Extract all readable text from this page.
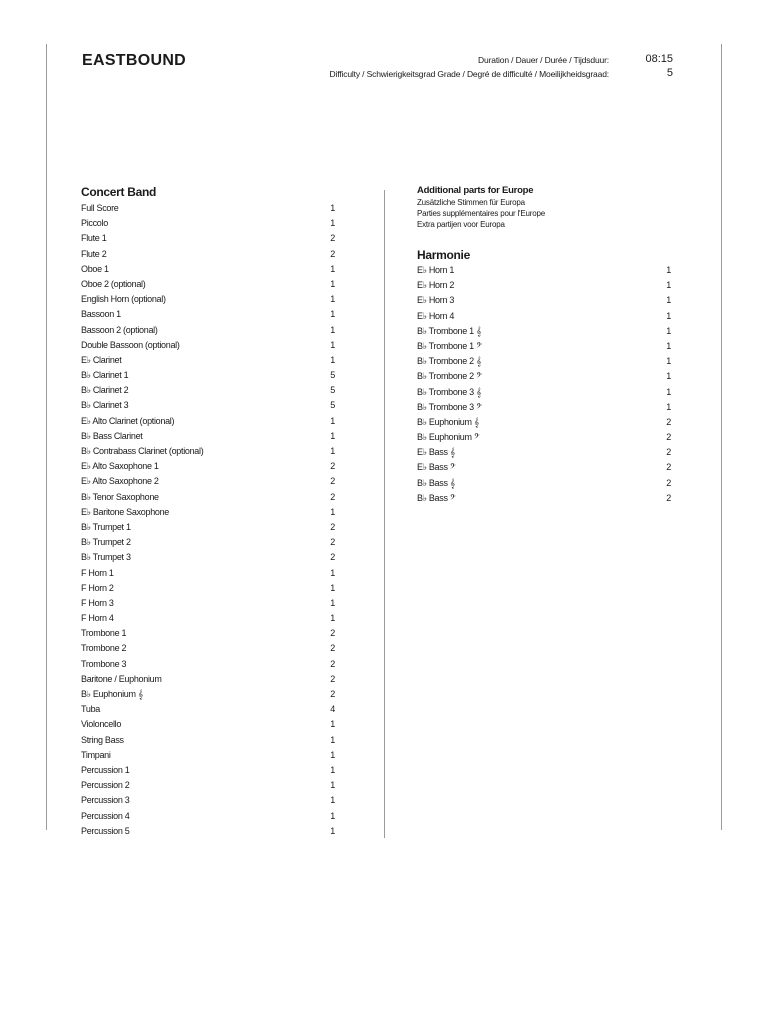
EASTBOUND	Duration / Dauer / Durée / Tijdsduur:	08:15
Difficulty / Schwierigkeitsgrad Grade / Degré de difficulté / Moeilijkheidsgraad:	5
Concert Band
Full Score	1
Piccolo	1
Flute 1	2
Flute 2	2
Oboe 1	1
Oboe 2 (optional)	1
English Horn (optional)	1
Bassoon 1	1
Bassoon 2 (optional)	1
Double Bassoon (optional)	1
E♭ Clarinet	1
B♭ Clarinet 1	5
B♭ Clarinet 2	5
B♭ Clarinet 3	5
E♭ Alto Clarinet (optional)	1
B♭ Bass Clarinet	1
B♭ Contrabass Clarinet (optional)	1
E♭ Alto Saxophone 1	2
E♭ Alto Saxophone 2	2
B♭ Tenor Saxophone	2
E♭ Baritone Saxophone	1
B♭ Trumpet 1	2
B♭ Trumpet 2	2
B♭ Trumpet 3	2
F Horn 1	1
F Horn 2	1
F Horn 3	1
F Horn 4	1
Trombone 1	2
Trombone 2	2
Trombone 3	2
Baritone / Euphonium	2
B♭ Euphonium 𝄞	2
Tuba	4
Violoncello	1
String Bass	1
Timpani	1
Percussion 1	1
Percussion 2	1
Percussion 3	1
Percussion 4	1
Percussion 5	1
Additional parts for Europe
Zusätzliche Stimmen für Europa
Parties supplémentaires pour l'Europe
Extra partijen voor Europa
Harmonie
E♭ Horn 1	1
E♭ Horn 2	1
E♭ Horn 3	1
E♭ Horn 4	1
B♭ Trombone 1 𝄞	1
B♭ Trombone 1 𝄢	1
B♭ Trombone 2 𝄞	1
B♭ Trombone 2 𝄢	1
B♭ Trombone 3 𝄞	1
B♭ Trombone 3 𝄢	1
B♭ Euphonium 𝄞	2
B♭ Euphonium 𝄢	2
E♭ Bass 𝄞	2
E♭ Bass 𝄢	2
B♭ Bass 𝄞	2
B♭ Bass 𝄢	2
